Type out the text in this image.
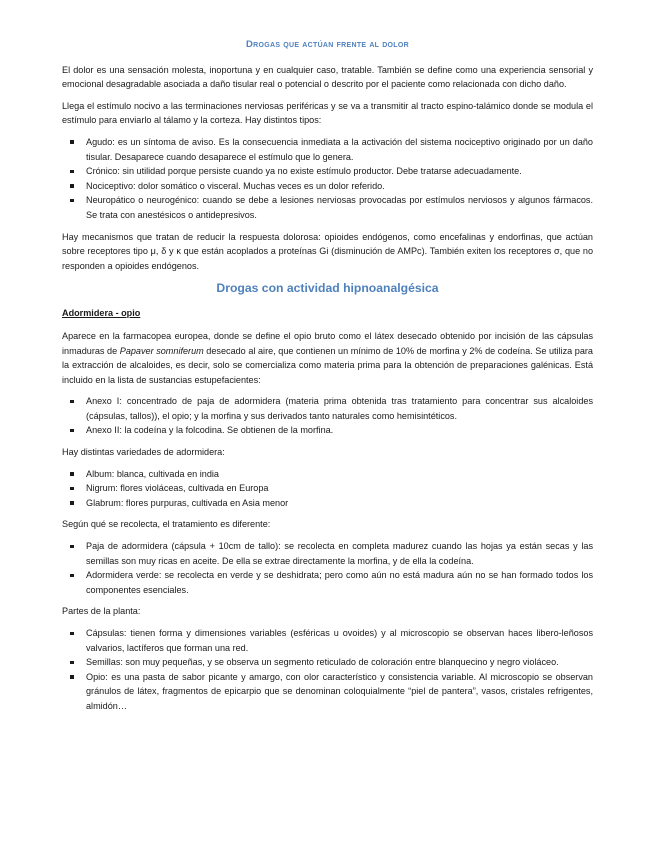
Drogas que actúan frente al dolor

El dolor es una sensación molesta, inoportuna y en cualquier caso, tratable. También se define como una experiencia sensorial y emocional desagradable asociada a daño tisular real o potencial o descrito por el paciente como relacionada con dicho daño.

Llega el estímulo nocivo a las terminaciones nerviosas periféricas y se va a transmitir al tracto espino-talámico donde se modula el estímulo para enviarlo al tálamo y la corteza. Hay distintos tipos:

Agudo: es un síntoma de aviso. Es la consecuencia inmediata a la activación del sistema nociceptivo originado por un daño tisular. Desaparece cuando desaparece el estímulo que lo genera.
Crónico: sin utilidad porque persiste cuando ya no existe estímulo productor. Debe tratarse adecuadamente.
Nociceptivo: dolor somático o visceral. Muchas veces es un dolor referido.
Neuropático o neurogénico: cuando se debe a lesiones nerviosas provocadas por estímulos nerviosos y algunos fármacos. Se trata con anestésicos o antidepresivos.

Hay mecanismos que tratan de reducir la respuesta dolorosa: opioides endógenos, como encefalinas y endorfinas, que actúan sobre receptores tipo μ, δ y κ que están acoplados a proteínas Gi (disminución de AMPc). También exiten los receptores σ, que no responden a opioides endógenos.

Drogas con actividad hipnoanalgésica
Adormidera - opio

Aparece en la farmacopea europea, donde se define el opio bruto como el látex desecado obtenido por incisión de las cápsulas inmaduras de Papaver somniferum desecado al aire, que contienen un mínimo de 10% de morfina y 2% de codeína. Se utiliza para la extracción de alcaloides, es decir, solo se comercializa como materia prima para la obtención de preparaciones galénicas. Está incluido en la lista de sustancias estupefacientes:

Anexo I: concentrado de paja de adormidera (materia prima obtenida tras tratamiento para concentrar sus alcaloides (cápsulas, tallos)), el opio; y la morfina y sus derivados tanto naturales como hemisintéticos.
Anexo II: la codeína y la folcodina. Se obtienen de la morfina.

Hay distintas variedades de adormidera:

Album: blanca, cultivada en india
Nigrum: flores violáceas, cultivada en Europa
Glabrum: flores purpuras, cultivada en Asia menor

Según qué se recolecta, el tratamiento es diferente:

Paja de adormidera (cápsula + 10cm de tallo): se recolecta en completa madurez cuando las hojas ya están secas y las semillas son muy ricas en aceite. De ella se extrae directamente la morfina, y de ella la codeína.
Adormidera verde: se recolecta en verde y se deshidrata; pero como aún no está madura aún no se han formado todos los componentes esenciales.

Partes de la planta:

Cápsulas: tienen forma y dimensiones variables (esféricas u ovoides) y al microscopio se observan haces libero-leñosos valvarios, lactíferos que forman una red.
Semillas: son muy pequeñas, y se observa un segmento reticulado de coloración entre blanquecino y negro violáceo.
Opio: es una pasta de sabor picante y amargo, con olor característico y consistencia variable. Al microscopio se observan gránulos de látex, fragmentos de epicarpio que se denominan coloquialmente “piel de pantera”, vasos, cristales refrigentes, almidón…
